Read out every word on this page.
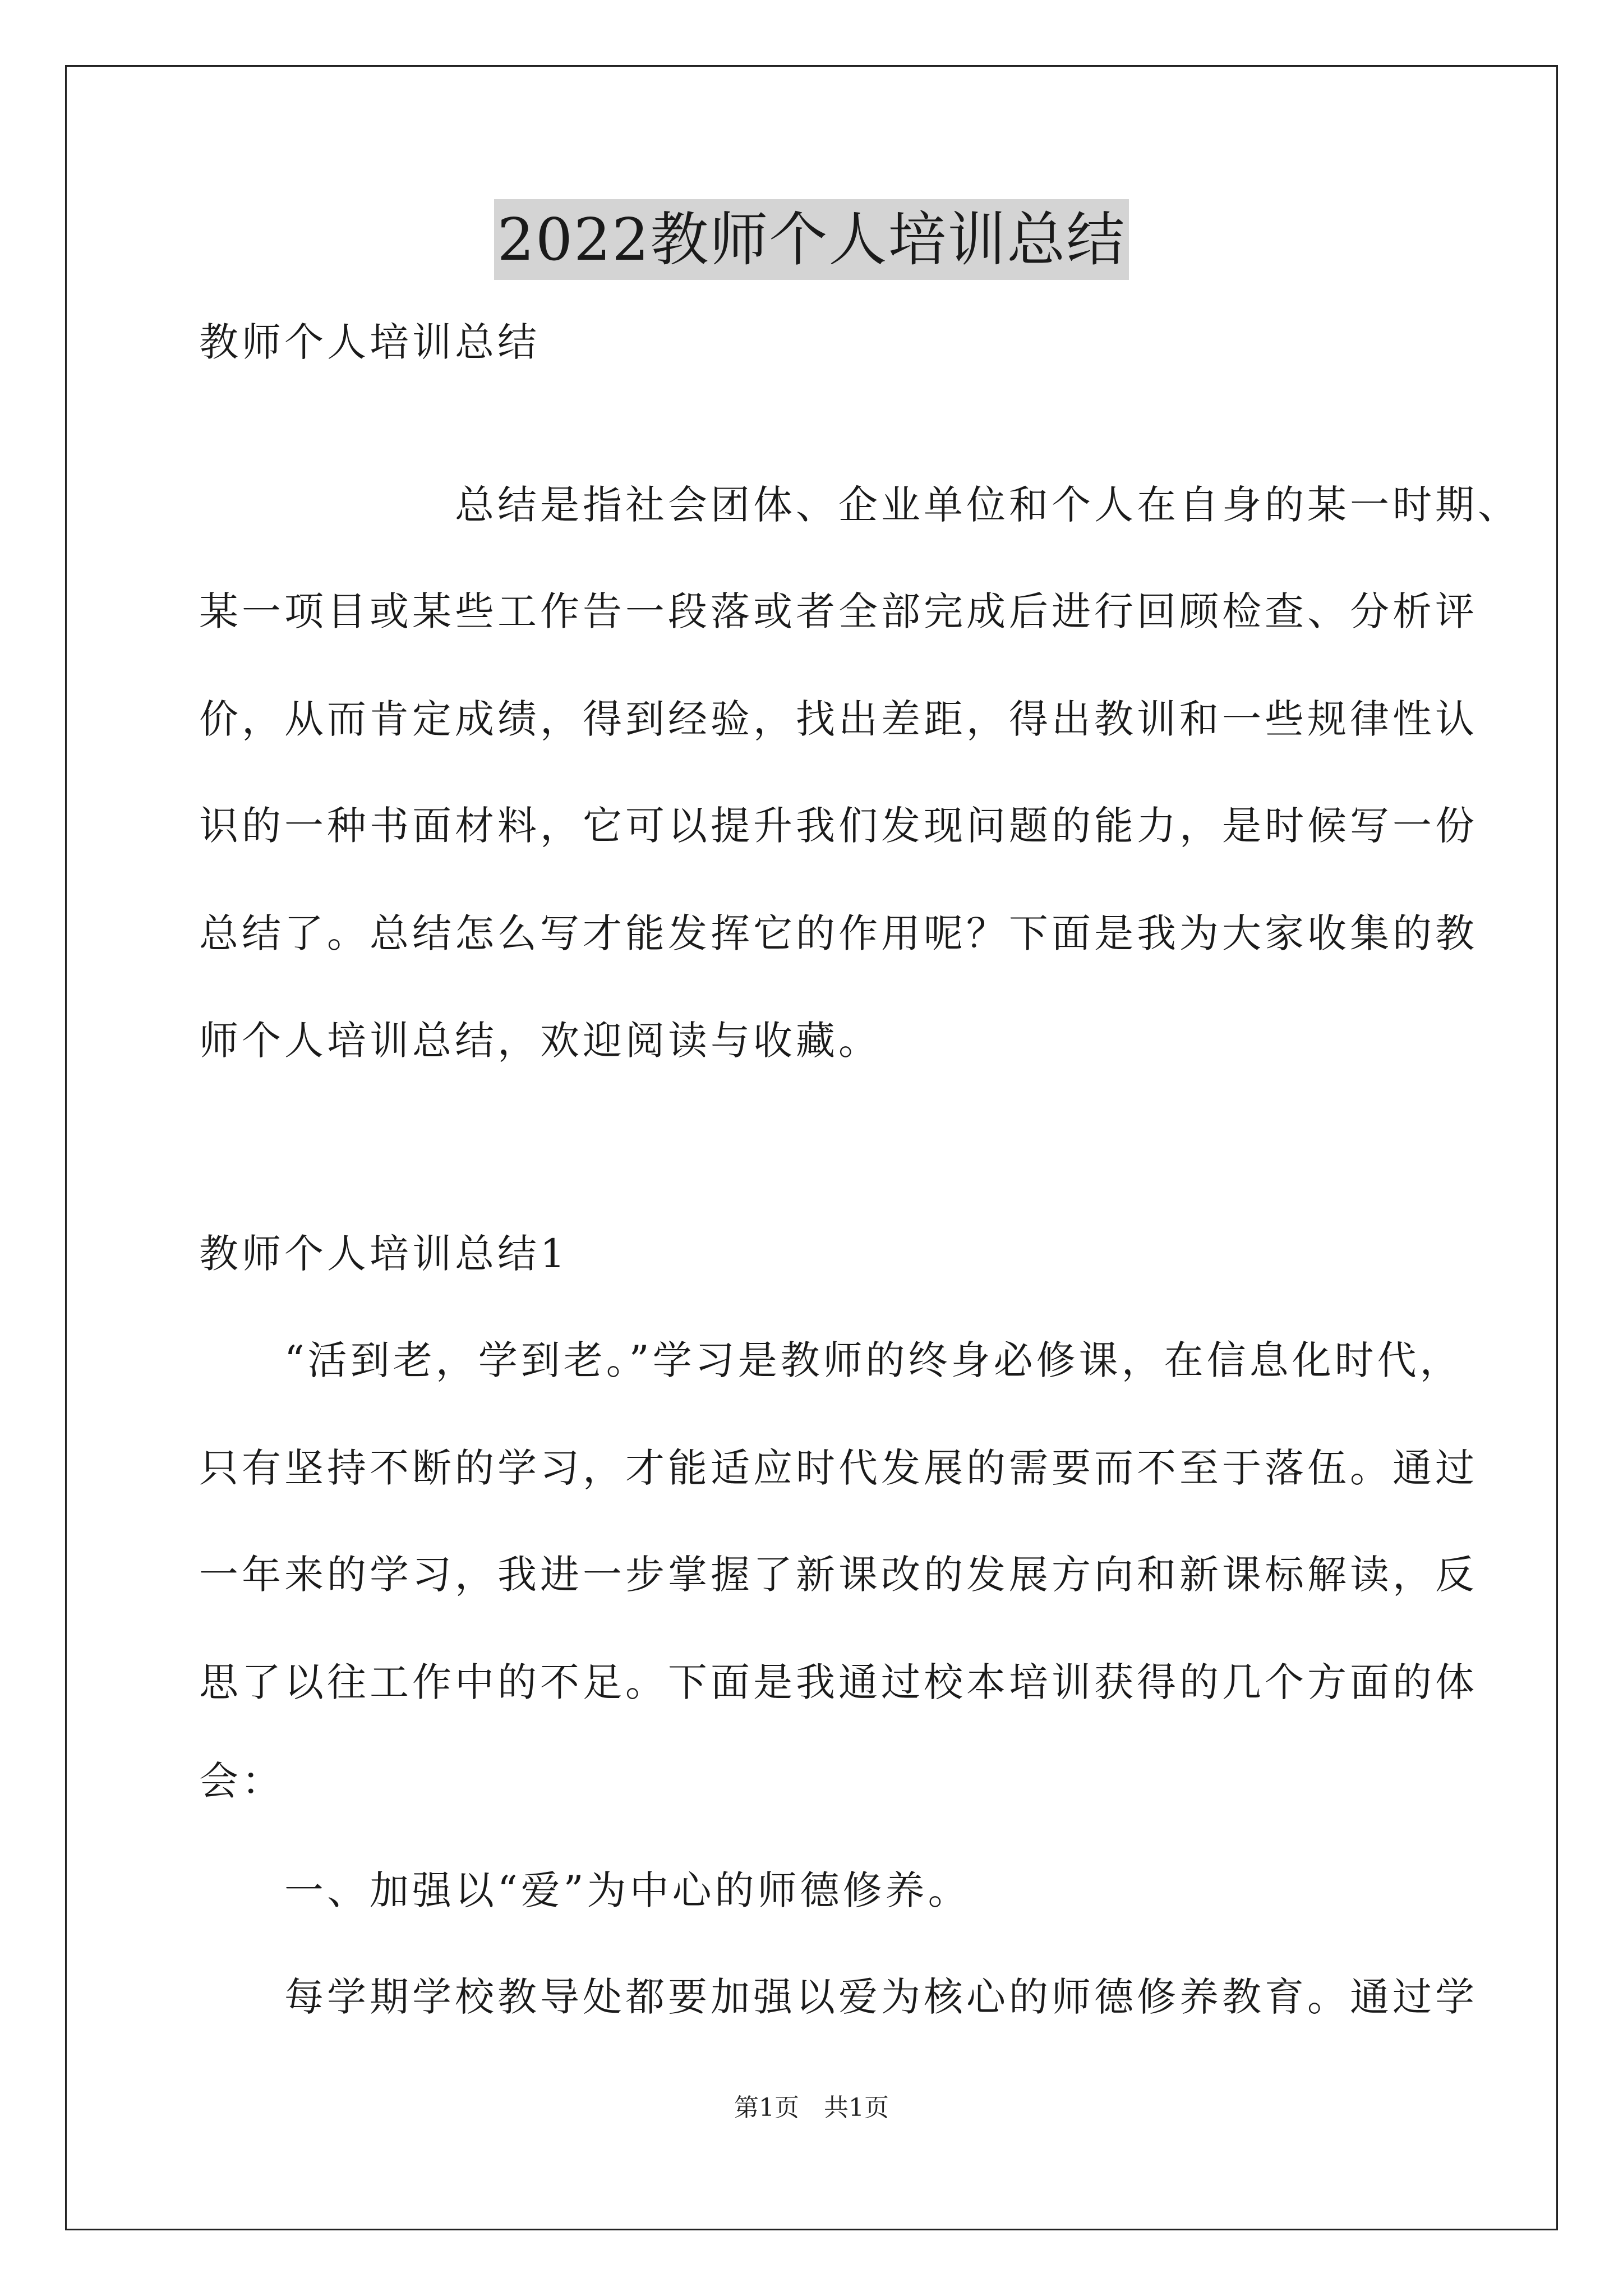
2022教师个人培训总结
教师个人培训总结
　　　　　　总结是指社会团体、企业单位和个人在自身的某一时期、
某一项目或某些工作告一段落或者全部完成后进行回顾检查、分析评
价，从而肯定成绩，得到经验，找出差距，得出教训和一些规律性认
识的一种书面材料，它可以提升我们发现问题的能力，是时候写一份
总结了。总结怎么写才能发挥它的作用呢？下面是我为大家收集的教
师个人培训总结，欢迎阅读与收藏。
教师个人培训总结1
　　“活到老，学到老。”学习是教师的终身必修课，在信息化时代，
只有坚持不断的学习，才能适应时代发展的需要而不至于落伍。通过
一年来的学习，我进一步掌握了新课改的发展方向和新课标解读，反
思了以往工作中的不足。下面是我通过校本培训获得的几个方面的体
会：
　　一、加强以“爱”为中心的师德修养。
　　每学期学校教导处都要加强以爱为核心的师德修养教育。通过学
第1页　共1页
